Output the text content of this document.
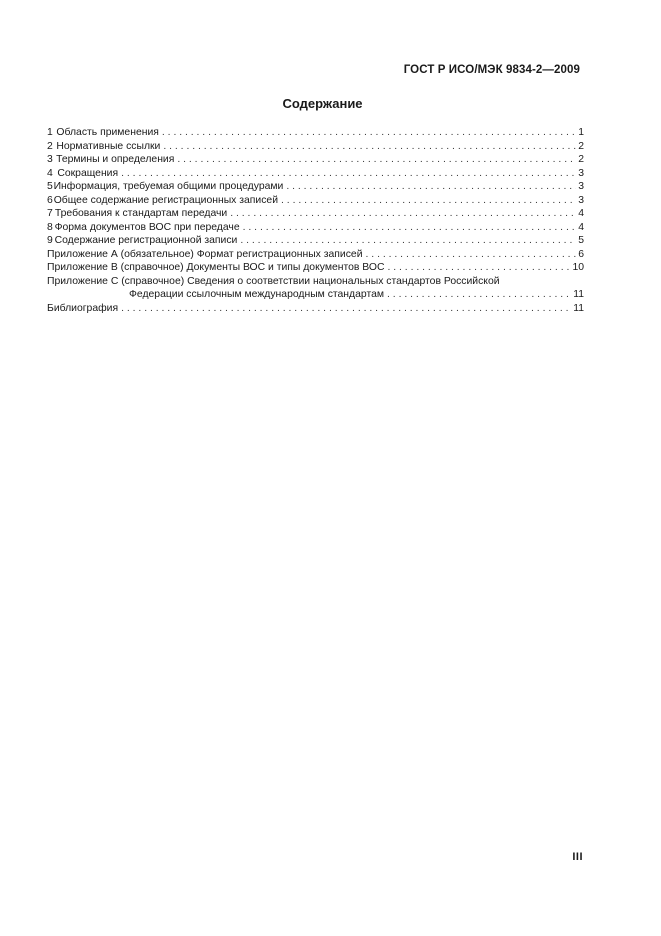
ГОСТ Р ИСО/МЭК 9834-2—2009
Содержание
1 Область применения . . .	1
2 Нормативные ссылки . . .	2
3 Термины и определения . . .	2
4 Сокращения . . .	3
5 Информация, требуемая общими процедурами . . .	3
6 Общее содержание регистрационных записей . . .	3
7 Требования к стандартам передачи . . .	4
8 Форма документов ВОС при передаче . . .	4
9 Содержание регистрационной записи . . .	5
Приложение А (обязательное) Формат регистрационных записей . . .	6
Приложение В (справочное) Документы ВОС и типы документов ВОС . . .	10
Приложение С (справочное) Сведения о соответствии национальных стандартов Российской
Федерации ссылочным международным стандартам . . .	11
Библиография . . .	11
III
